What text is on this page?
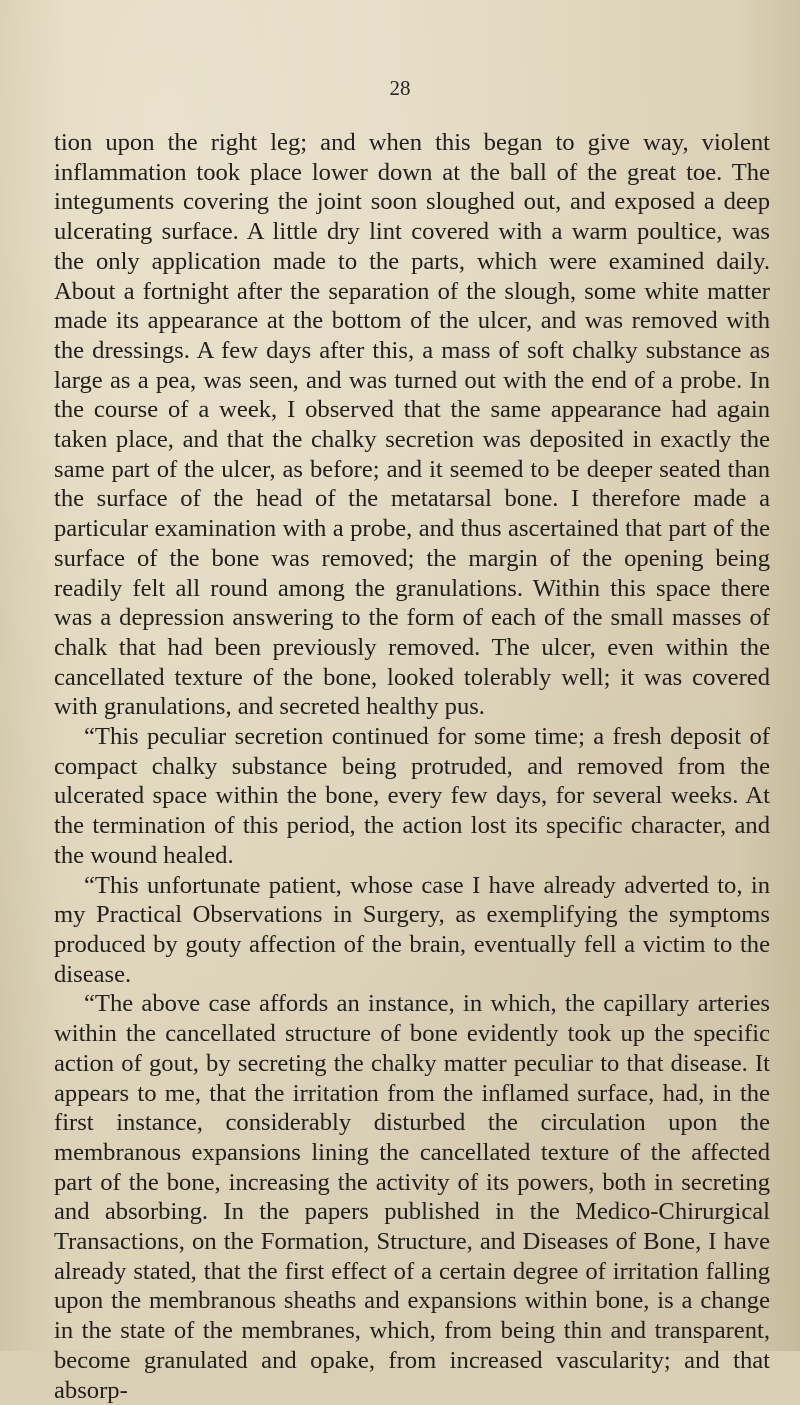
28

tion upon the right leg; and when this began to give way, violent inflammation took place lower down at the ball of the great toe. The integuments covering the joint soon sloughed out, and exposed a deep ulcerating surface. A little dry lint covered with a warm poultice, was the only application made to the parts, which were examined daily. About a fortnight after the separation of the slough, some white matter made its appearance at the bottom of the ulcer, and was removed with the dressings. A few days after this, a mass of soft chalky substance as large as a pea, was seen, and was turned out with the end of a probe. In the course of a week, I observed that the same appearance had again taken place, and that the chalky secretion was deposited in exactly the same part of the ulcer, as before; and it seemed to be deeper seated than the surface of the head of the metatarsal bone. I therefore made a particular examination with a probe, and thus ascertained that part of the surface of the bone was removed; the margin of the opening being readily felt all round among the granulations. Within this space there was a depression answering to the form of each of the small masses of chalk that had been previously removed. The ulcer, even within the cancellated texture of the bone, looked tolerably well; it was covered with granulations, and secreted healthy pus.

“This peculiar secretion continued for some time; a fresh deposit of compact chalky substance being protruded, and removed from the ulcerated space within the bone, every few days, for several weeks. At the termination of this period, the action lost its specific character, and the wound healed.

“This unfortunate patient, whose case I have already adverted to, in my Practical Observations in Surgery, as exemplifying the symptoms produced by gouty affection of the brain, eventually fell a victim to the disease.

“The above case affords an instance, in which, the capillary arteries within the cancellated structure of bone evidently took up the specific action of gout, by secreting the chalky matter peculiar to that disease. It appears to me, that the irritation from the inflamed surface, had, in the first instance, considerably disturbed the circulation upon the membranous expansions lining the cancellated texture of the affected part of the bone, increasing the activity of its powers, both in secreting and absorbing. In the papers published in the Medico-Chirurgical Transactions, on the Formation, Structure, and Diseases of Bone, I have already stated, that the first effect of a certain degree of irritation falling upon the membranous sheaths and expansions within bone, is a change in the state of the membranes, which, from being thin and transparent, become granulated and opake, from increased vascularity; and that absorp-
